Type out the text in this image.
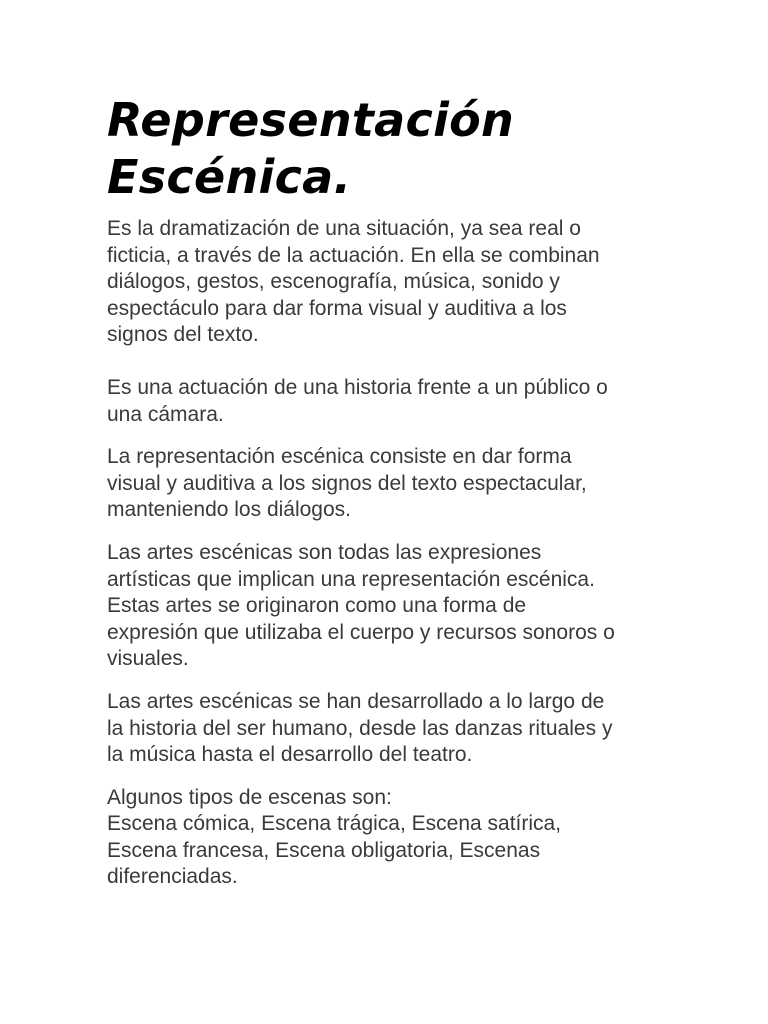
Representación
Escénica.

Es la dramatización de una situación, ya sea real o
ficticia, a través de la actuación. En ella se combinan
diálogos, gestos, escenografía, música, sonido y
espectáculo para dar forma visual y auditiva a los
signos del texto.

Es una actuación de una historia frente a un público o
una cámara.

La representación escénica consiste en dar forma
visual y auditiva a los signos del texto espectacular,
manteniendo los diálogos.

Las artes escénicas son todas las expresiones
artísticas que implican una representación escénica.
Estas artes se originaron como una forma de
expresión que utilizaba el cuerpo y recursos sonoros o
visuales.

Las artes escénicas se han desarrollado a lo largo de
la historia del ser humano, desde las danzas rituales y
la música hasta el desarrollo del teatro.

Algunos tipos de escenas son:
Escena cómica, Escena trágica, Escena satírica,
Escena francesa, Escena obligatoria, Escenas
diferenciadas.
